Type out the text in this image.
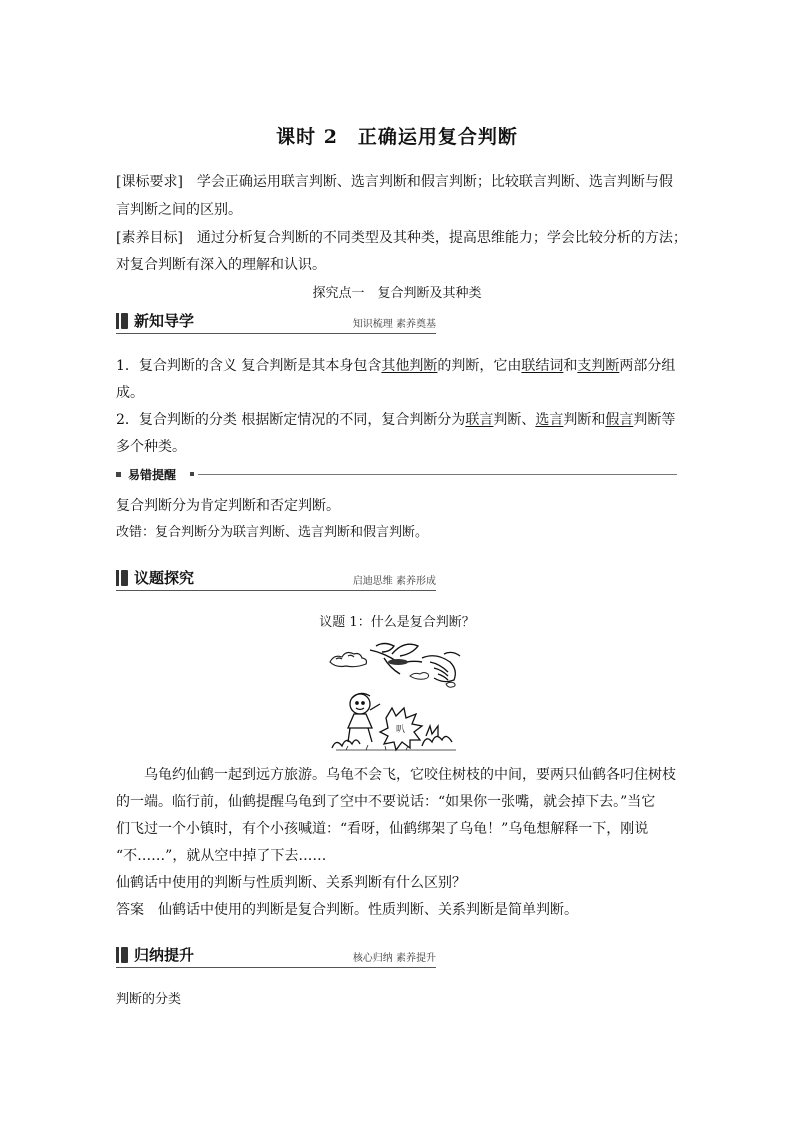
课时 2　正确运用复合判断
[课标要求]　学会正确运用联言判断、选言判断和假言判断；比较联言判断、选言判断与假
言判断之间的区别。
[素养目标]　通过分析复合判断的不同类型及其种类，提高思维能力；学会比较分析的方法；
对复合判断有深入的理解和认识。
探究点一　复合判断及其种类
新知导学	知识梳理 素养奠基
1．复合判断的含义 复合判断是其本身包含其他判断的判断，它由联结词和支判断两部分组
成。
2．复合判断的分类 根据断定情况的不同，复合判断分为联言判断、选言判断和假言判断等
多个种类。
易错提醒
复合判断分为肯定判断和否定判断。
改错：复合判断分为联言判断、选言判断和假言判断。
议题探究	启迪思维 素养形成
议题 1：什么是复合判断？
叭
乌龟约仙鹤一起到远方旅游。乌龟不会飞，它咬住树枝的中间，要两只仙鹤各叼住树枝
的一端。临行前，仙鹤提醒乌龟到了空中不要说话：“如果你一张嘴，就会掉下去。”当它
们飞过一个小镇时，有个小孩喊道：“看呀，仙鹤绑架了乌龟！”乌龟想解释一下，刚说
“不……”，就从空中掉了下去……
仙鹤话中使用的判断与性质判断、关系判断有什么区别？
答案　仙鹤话中使用的判断是复合判断。性质判断、关系判断是简单判断。
归纳提升	核心归纳 素养提升
判断的分类
